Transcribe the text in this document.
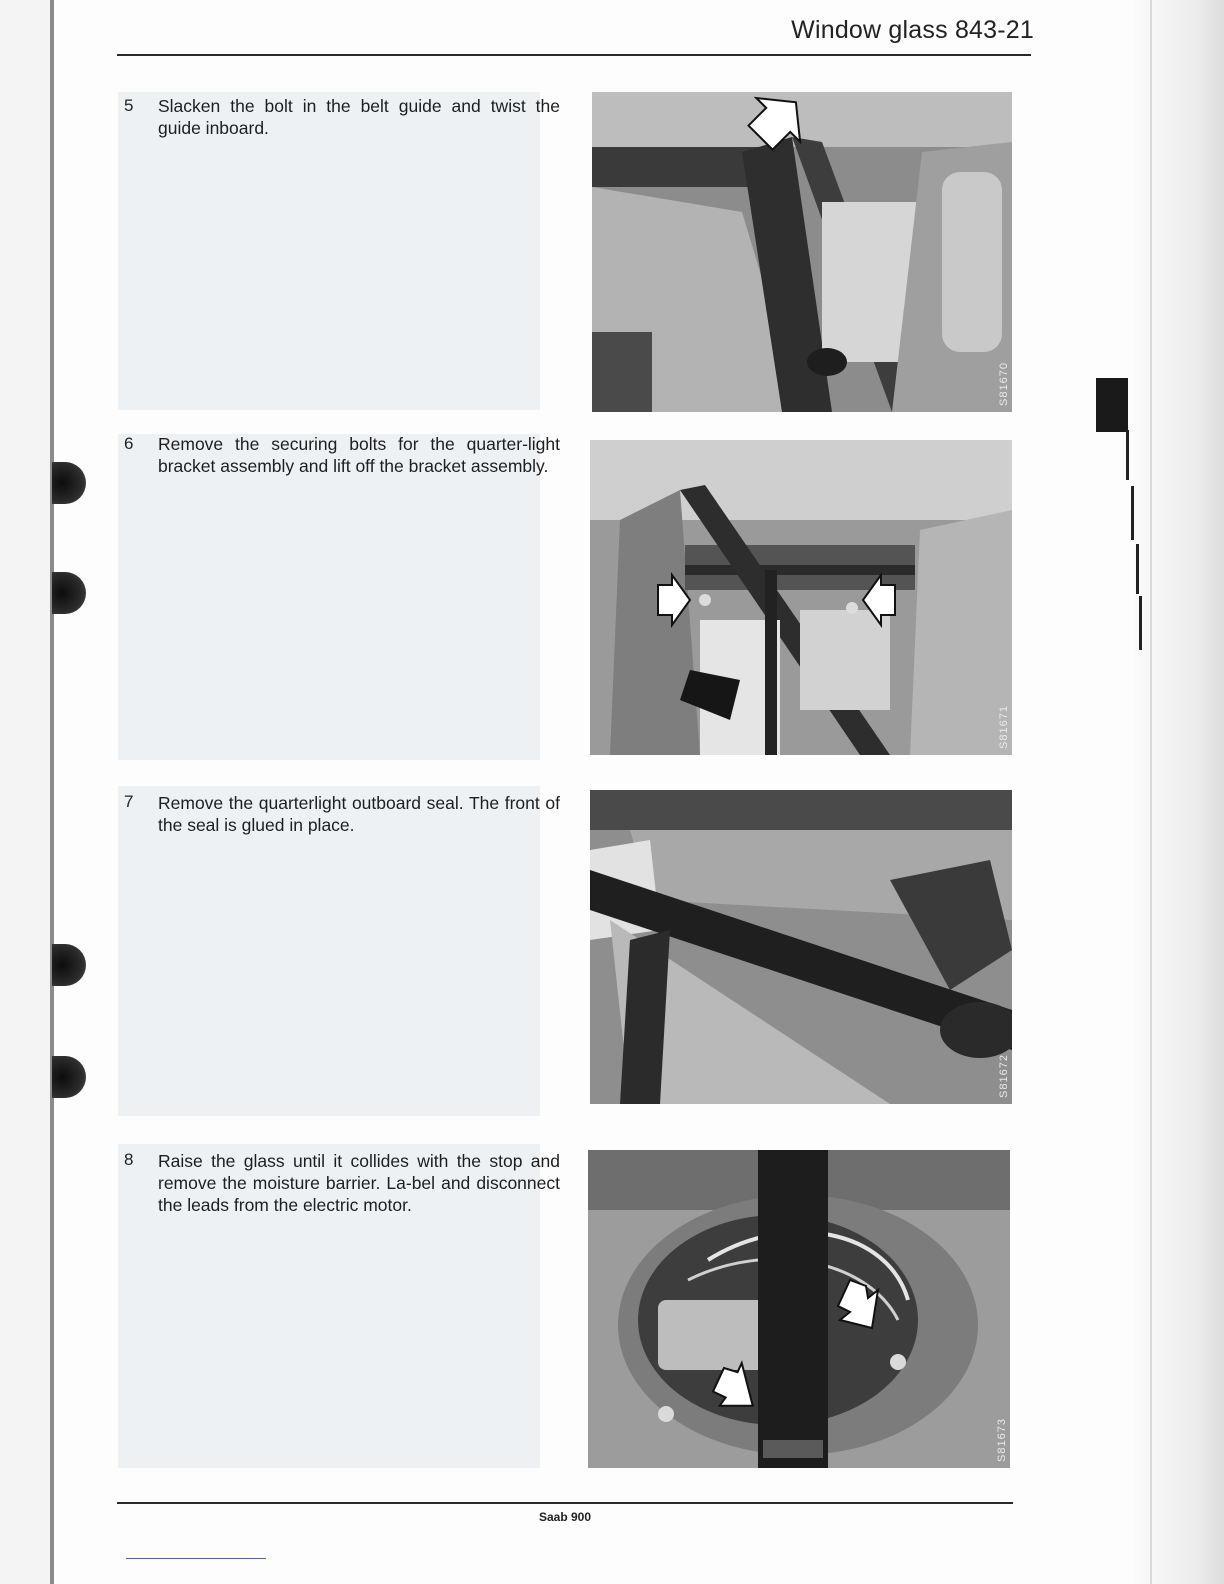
Window glass 843-21
5 Slacken the bolt in the belt guide and twist the guide inboard.
S81670
6 Remove the securing bolts for the quarter-light bracket assembly and lift off the bracket assembly.
S81671
7 Remove the quarterlight outboard seal. The front of the seal is glued in place.
S81672
8 Raise the glass until it collides with the stop and remove the moisture barrier. La-bel and disconnect the leads from the electric motor.
S81673
Saab 900
